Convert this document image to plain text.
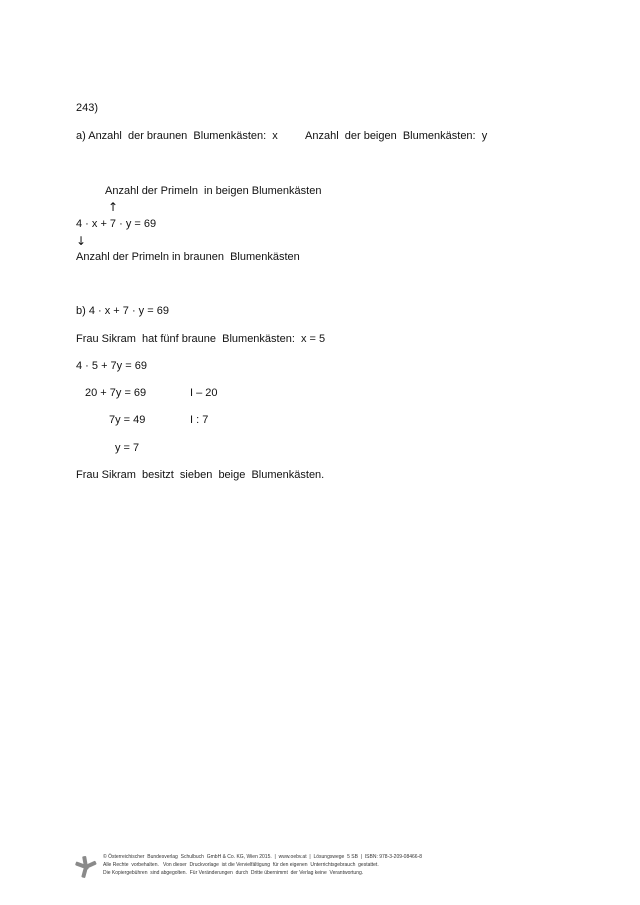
243)
a) Anzahl  der braunen  Blumenkästen:  x Anzahl  der beigen  Blumenkästen:  y
Anzahl der Primeln  in beigen Blumenkästen
↑
4 · x + 7 · y = 69
↓
Anzahl der Primeln in braunen  Blumenkästen
b) 4 · x + 7 · y = 69
Frau Sikram  hat fünf braune  Blumenkästen:  x = 5
4 · 5 + 7y = 69
20 + 7y = 69	I – 20
7y = 49	I : 7
y = 7
Frau Sikram  besitzt  sieben  beige  Blumenkästen.
© Österreichischer  Bundesverlag  Schulbuch  GmbH & Co. KG, Wien 2015.  |  www.oebv.at  |  Lösungswege  5 SB  |  ISBN: 978-3-209-08466-8
Alle Rechte  vorbehalten.   Von dieser  Druckvorlage  ist die Vervielfältigung  für den eigenen  Unterrichtsgebrauch  gestattet.
Die Kopiergebühren  sind abgegolten.  Für Veränderungen  durch  Dritte übernimmt  der Verlag keine  Verantwortung.
